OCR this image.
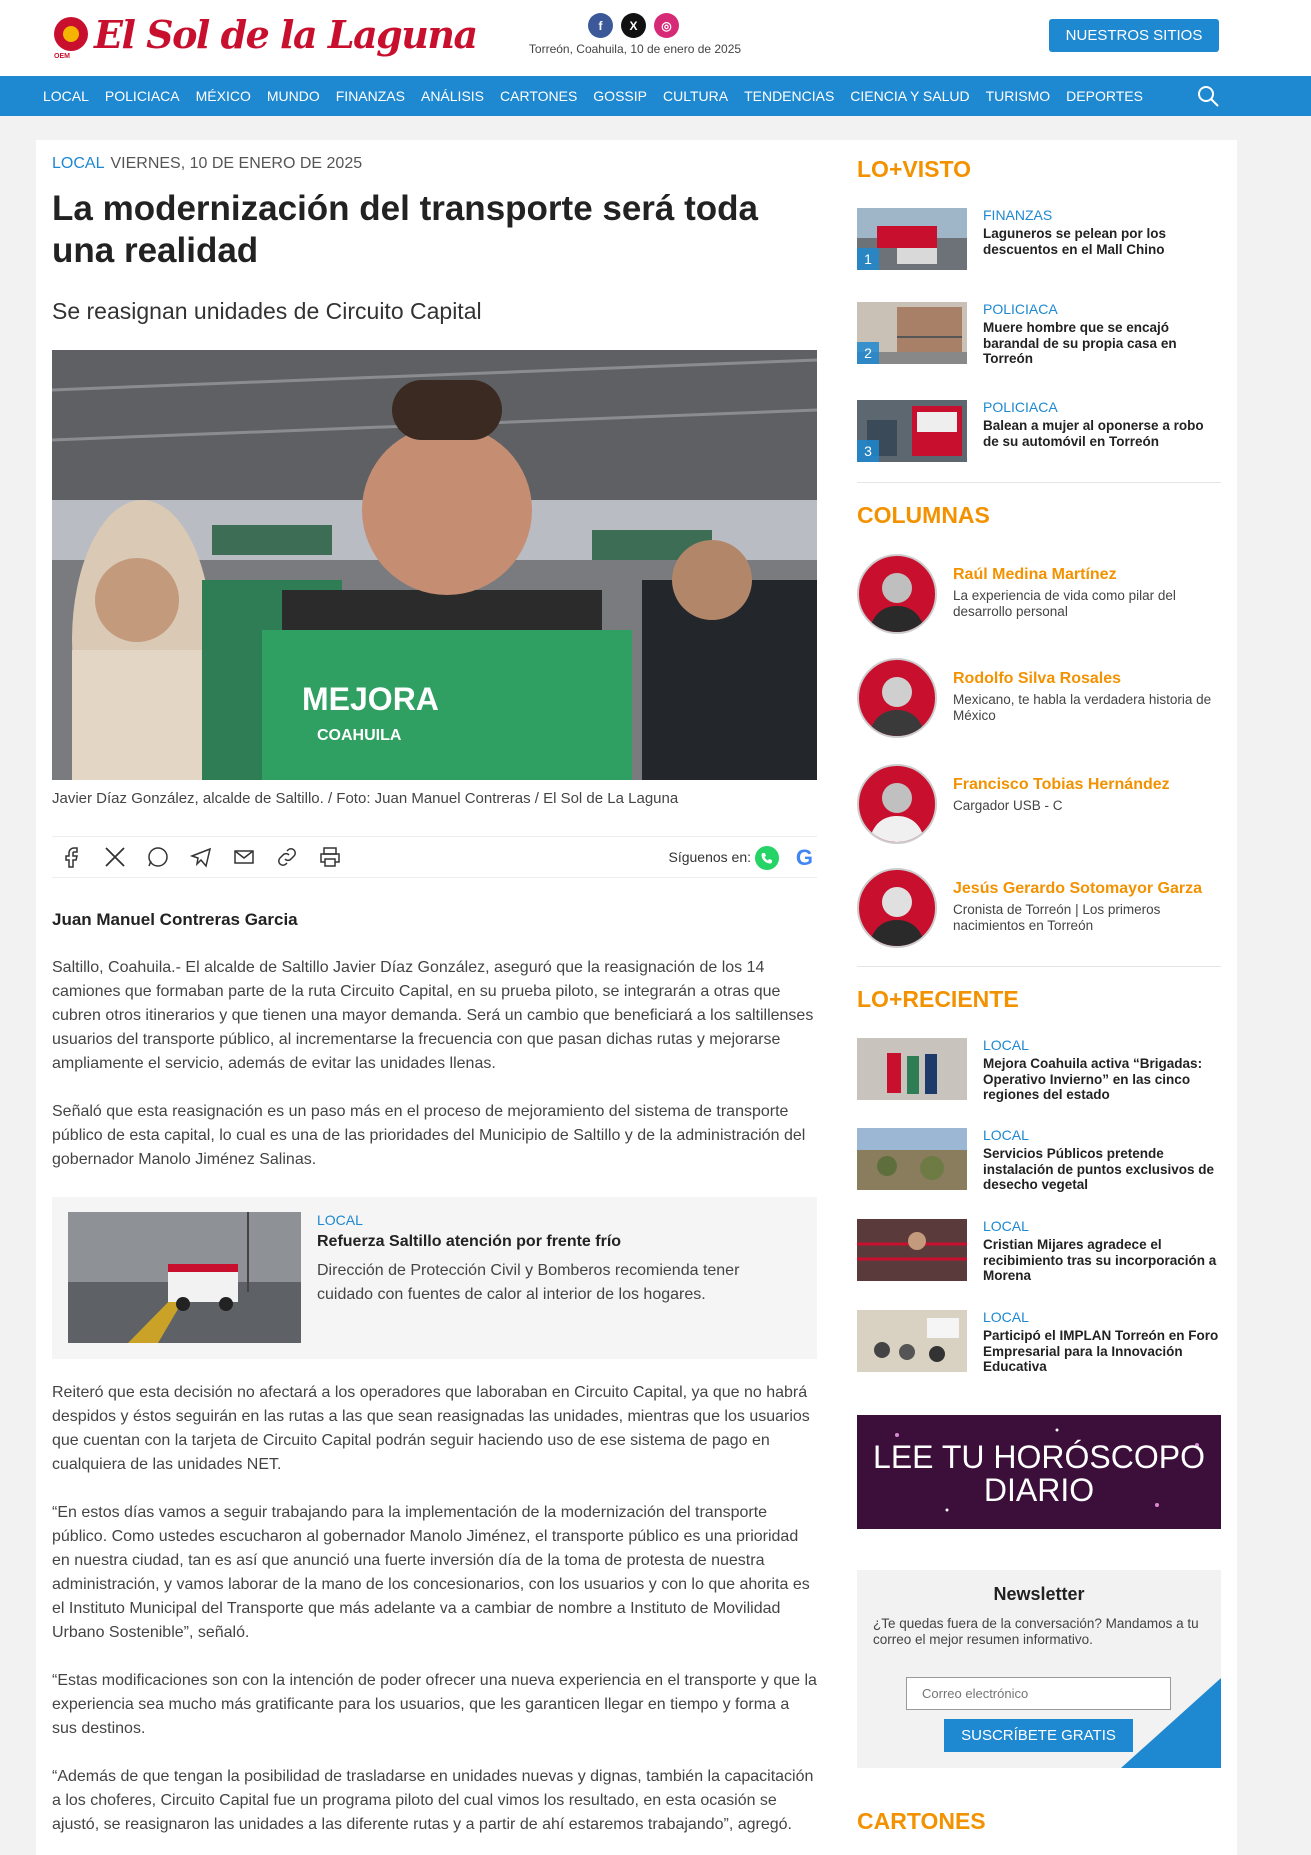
OEM El Sol de la Laguna	f	X	◎
Torreón, Coahuila, 10 de enero de 2025
NUESTROS SITIOS
LOCAL POLICIACA MÉXICO MUNDO FINANZAS ANÁLISIS CARTONES GOSSIP CULTURA TENDENCIAS CIENCIA Y SALUD TURISMO DEPORTES
LOCAL VIERNES, 10 DE ENERO DE 2025
La modernización del transporte será toda una realidad
Se reasignan unidades de Circuito Capital
MEJORA
COAHUILA
Javier Díaz González, alcalde de Saltillo. / Foto: Juan Manuel Contreras / El Sol de La Laguna
Síguenos en: G
Juan Manuel Contreras Garcia

Saltillo, Coahuila.- El alcalde de Saltillo Javier Díaz González, aseguró que la reasignación de los 14 camiones que formaban parte de la ruta Circuito Capital, en su prueba piloto, se integrarán a otras que cubren otros itinerarios y que tienen una mayor demanda. Será un cambio que beneficiará a los saltillenses usuarios del transporte público, al incrementarse la frecuencia con que pasan dichas rutas y mejorarse ampliamente el servicio, además de evitar las unidades llenas.

Señaló que esta reasignación es un paso más en el proceso de mejoramiento del sistema de transporte público de esta capital, lo cual es una de las prioridades del Municipio de Saltillo y de la administración del gobernador Manolo Jiménez Salinas.

LOCAL
Refuerza Saltillo atención por frente frío
Dirección de Protección Civil y Bomberos recomienda tener cuidado con fuentes de calor al interior de los hogares.

Reiteró que esta decisión no afectará a los operadores que laboraban en Circuito Capital, ya que no habrá despidos y éstos seguirán en las rutas a las que sean reasignadas las unidades, mientras que los usuarios que cuentan con la tarjeta de Circuito Capital podrán seguir haciendo uso de ese sistema de pago en cualquiera de las unidades NET.

“En estos días vamos a seguir trabajando para la implementación de la modernización del transporte público. Como ustedes escucharon al gobernador Manolo Jiménez, el transporte público es una prioridad en nuestra ciudad, tan es así que anunció una fuerte inversión día de la toma de protesta de nuestra administración, y vamos laborar de la mano de los concesionarios, con los usuarios y con lo que ahorita es el Instituto Municipal del Transporte que más adelante va a cambiar de nombre a Instituto de Movilidad Urbano Sostenible”, señaló.

“Estas modificaciones son con la intención de poder ofrecer una nueva experiencia en el transporte y que la experiencia sea mucho más gratificante para los usuarios, que les garanticen llegar en tiempo y forma a sus destinos.

“Además de que tengan la posibilidad de trasladarse en unidades nuevas y dignas, también la capacitación a los choferes, Circuito Capital fue un programa piloto del cual vimos los resultado, en esta ocasión se ajustó, se reasignaron las unidades a las diferente rutas y a partir de ahí estaremos trabajando”, agregó.

LO+VISTO
1
FINANZAS
Laguneros se pelean por los descuentos en el Mall Chino
2
POLICIACA
Muere hombre que se encajó barandal de su propia casa en Torreón
3
POLICIACA
Balean a mujer al oponerse a robo de su automóvil en Torreón
COLUMNAS
Raúl Medina Martínez
La experiencia de vida como pilar del desarrollo personal
Rodolfo Silva Rosales
Mexicano, te habla la verdadera historia de México
Francisco Tobias Hernández
Cargador USB - C
Jesús Gerardo Sotomayor Garza
Cronista de Torreón | Los primeros nacimientos en Torreón
LO+RECIENTE
LOCAL
Mejora Coahuila activa “Brigadas: Operativo Invierno” en las cinco regiones del estado
LOCAL
Servicios Públicos pretende instalación de puntos exclusivos de desecho vegetal
LOCAL
Cristian Mijares agradece el recibimiento tras su incorporación a Morena
LOCAL
Participó el IMPLAN Torreón en Foro Empresarial para la Innovación Educativa
LEE TU HORÓSCOPO
DIARIO
Newsletter
¿Te quedas fuera de la conversación? Mandamos a tu correo el mejor resumen informativo.
Correo electrónico
SUSCRÍBETE GRATIS
CARTONES
